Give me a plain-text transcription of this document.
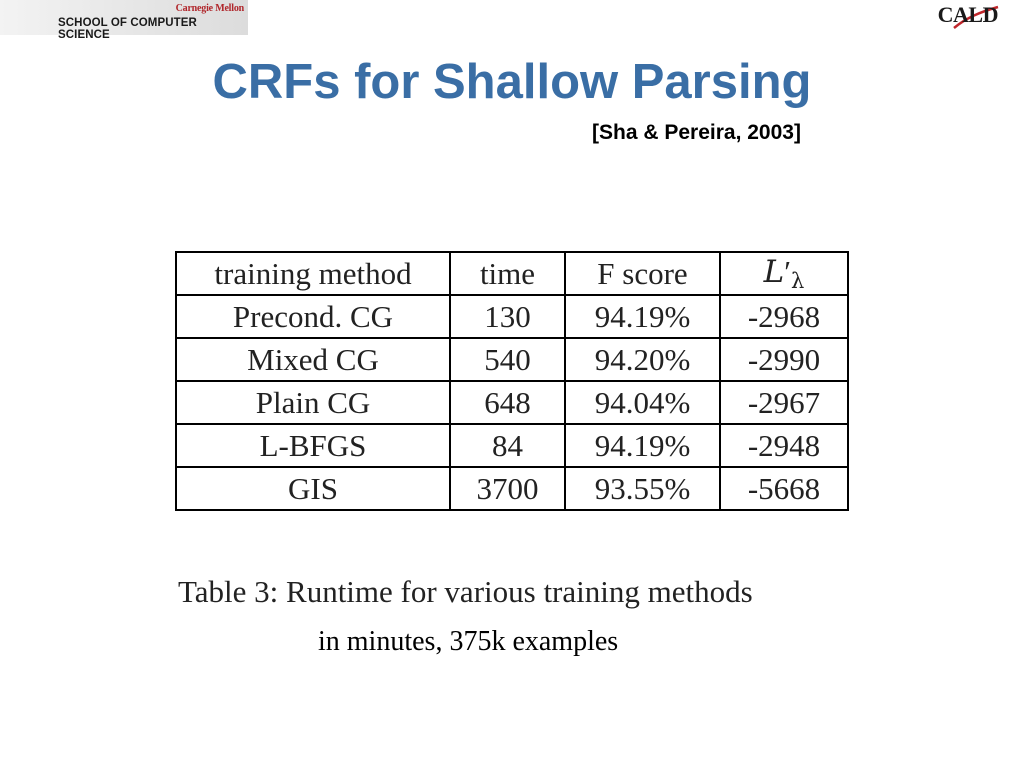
Carnegie Mellon
SCHOOL OF COMPUTER SCIENCE
CALD
CRFs for Shallow Parsing
[Sha & Pereira, 2003]
training method	time	F score	L′λ
Precond. CG	130	94.19%	-2968
Mixed CG	540	94.20%	-2990
Plain CG	648	94.04%	-2967
L-BFGS	84	94.19%	-2948
GIS	3700	93.55%	-5668
Table 3: Runtime for various training methods
in minutes, 375k examples
